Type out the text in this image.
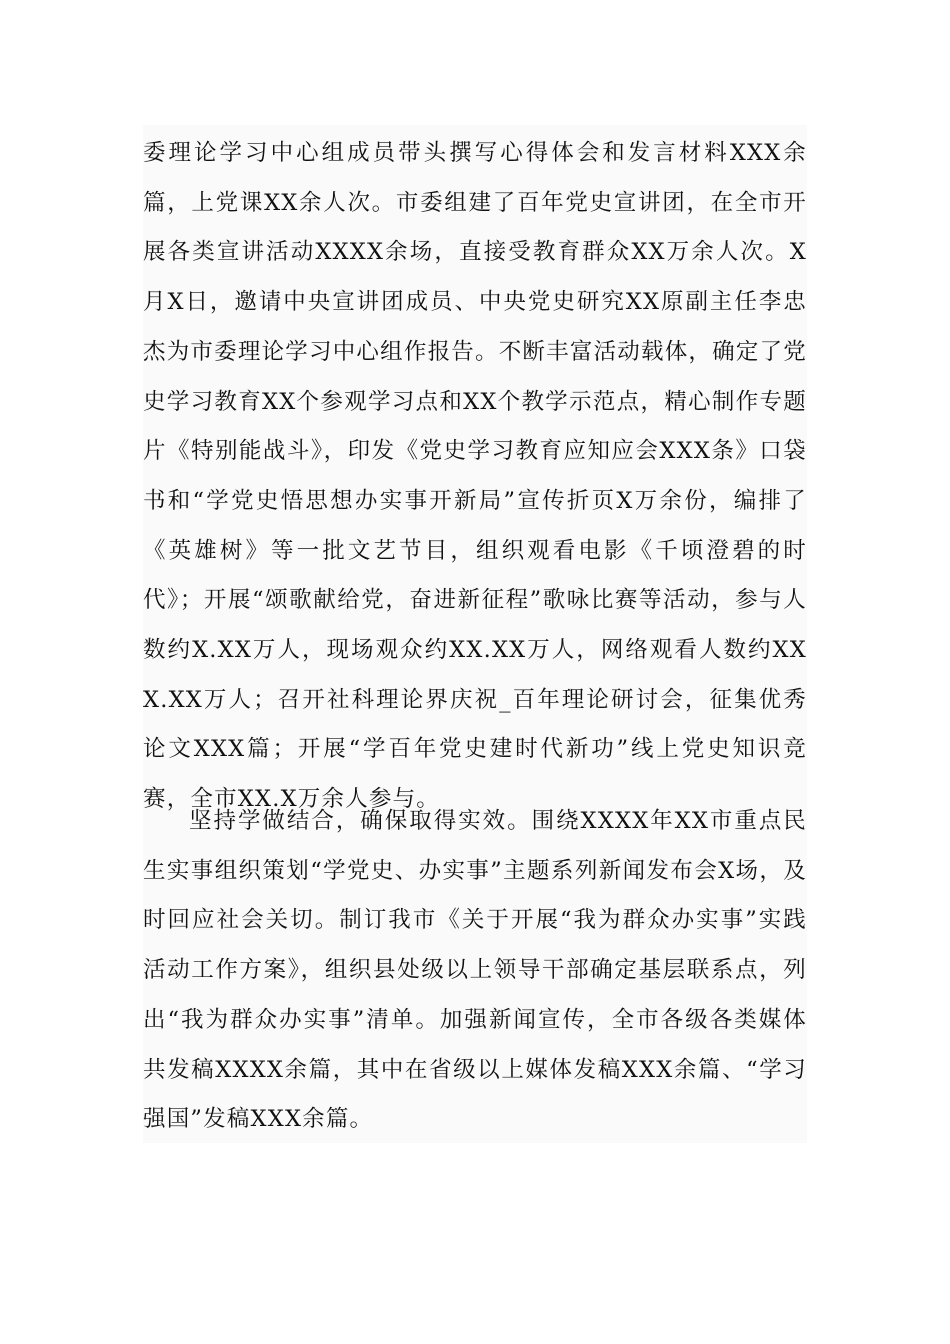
委理论学习中心组成员带头撰写心得体会和发言材料XXX余篇，上党课XX余人次。市委组建了百年党史宣讲团，在全市开展各类宣讲活动XXXX余场，直接受教育群众XX万余人次。X月X日，邀请中央宣讲团成员、中央党史研究XX原副主任李忠杰为市委理论学习中心组作报告。不断丰富活动载体，确定了党史学习教育XX个参观学习点和XX个教学示范点，精心制作专题片《特别能战斗》，印发《党史学习教育应知应会XXX条》口袋书和“学党史悟思想办实事开新局”宣传折页X万余份，编排了《英雄树》等一批文艺节目，组织观看电影《千顷澄碧的时代》；开展“颂歌献给党，奋进新征程”歌咏比赛等活动，参与人数约X.XX万人，现场观众约XX.XX万人，网络观看人数约XXX.XX万人；召开社科理论界庆祝_百年理论研讨会，征集优秀论文XXX篇；开展“学百年党史建时代新功”线上党史知识竞赛，全市XX.X万余人参与。

坚持学做结合，确保取得实效。围绕XXXX年XX市重点民生实事组织策划“学党史、办实事”主题系列新闻发布会X场，及时回应社会关切。制订我市《关于开展“我为群众办实事”实践活动工作方案》，组织县处级以上领导干部确定基层联系点，列出“我为群众办实事”清单。加强新闻宣传，全市各级各类媒体共发稿XXXX余篇，其中在省级以上媒体发稿XXX余篇、“学习强国”发稿XXX余篇。
